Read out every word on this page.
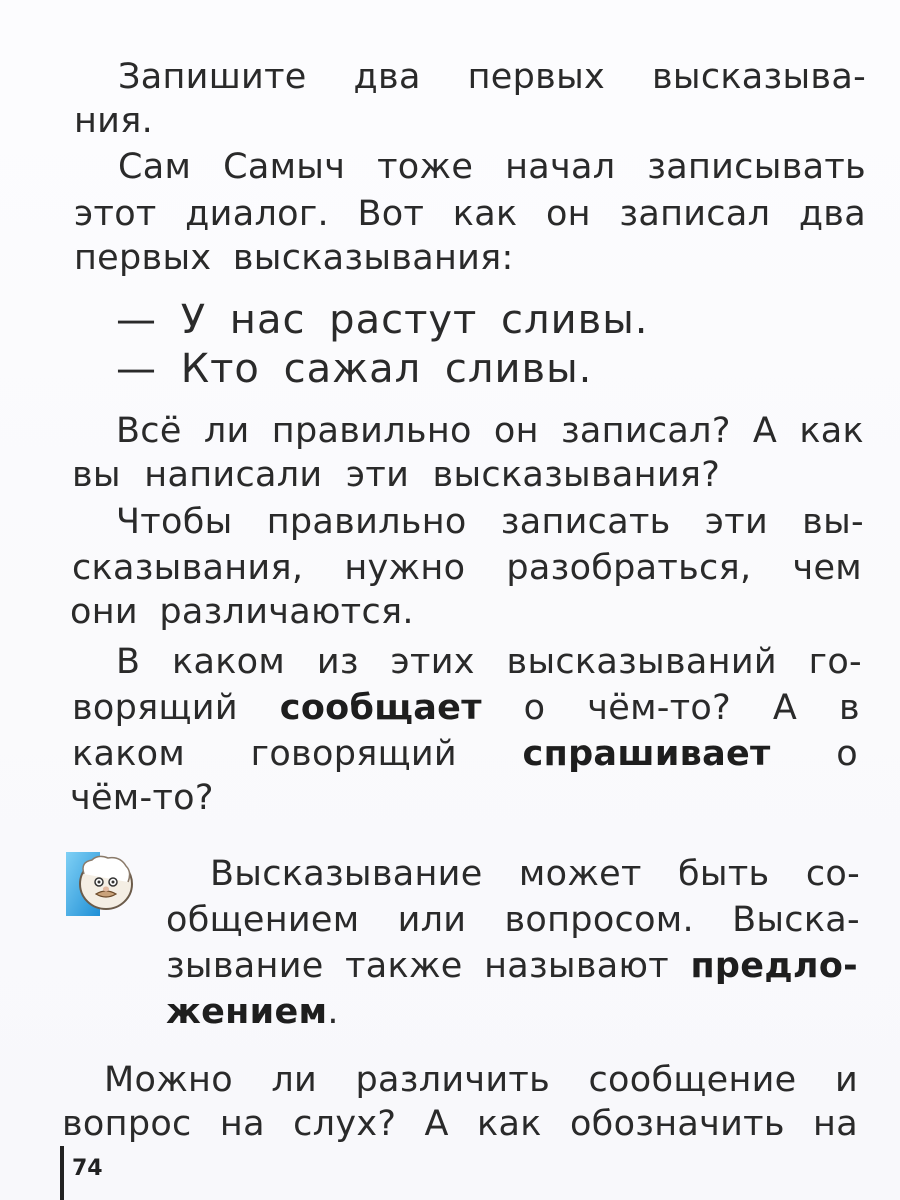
Запишите два первых высказыва-
ния.
Сам Самыч тоже начал записывать
этот диалог. Вот как он записал два
первых высказывания:
— У нас растут сливы.
— Кто сажал сливы.
Всё ли правильно он записал? А как
вы написали эти высказывания?
Чтобы правильно записать эти вы-
сказывания, нужно разобраться, чем
они различаются.
В каком из этих высказываний го-
ворящий сообщает о чём-то? А в
каком говорящий спрашивает о
чём-то?
Высказывание может быть со-
общением или вопросом. Выска-
зывание также называют предло-
жением.
Можно ли различить сообщение и
вопрос на слух? А как обозначить на
74
